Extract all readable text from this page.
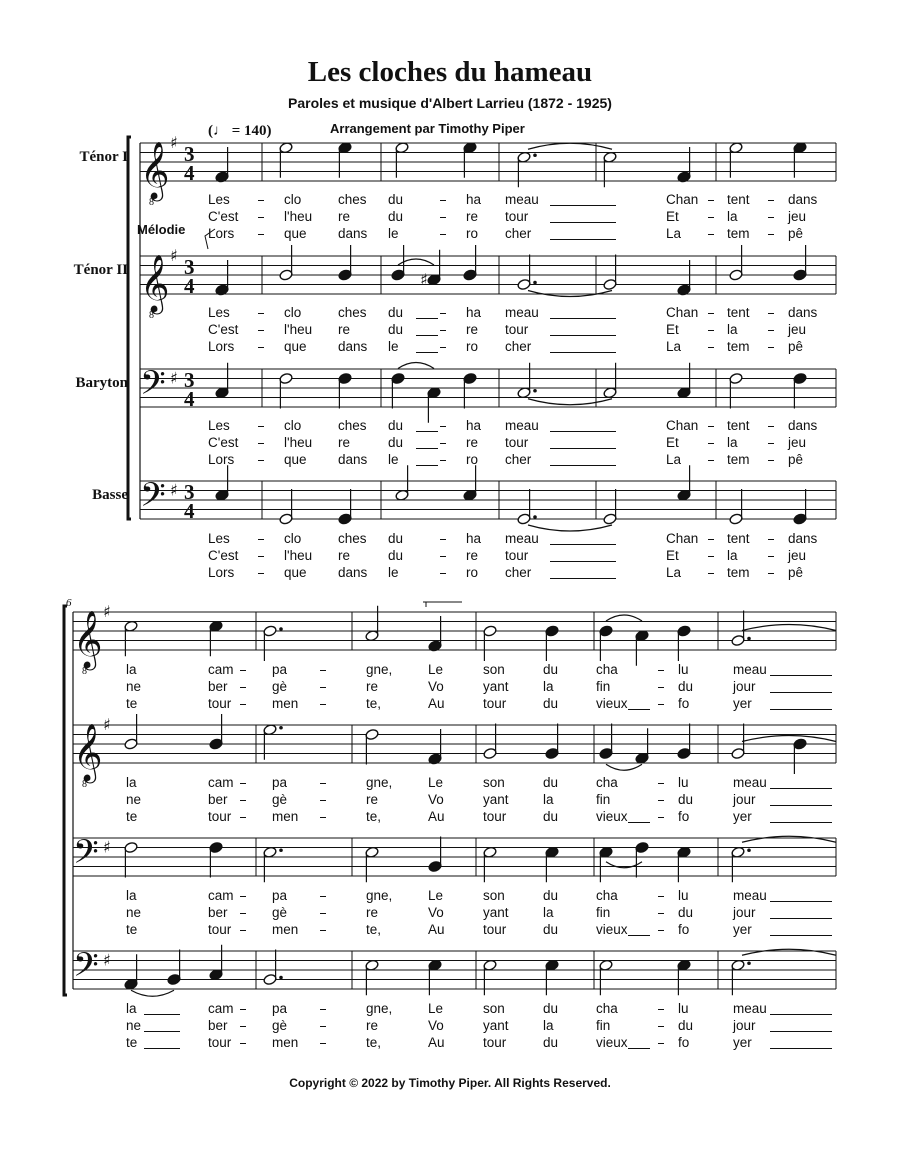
Les cloches du hameau
Paroles et musique d'Albert Larrieu (1872 - 1925)
Arrangement par Timothy Piper
(♩ = 140)
Ténor I
Ténor II
Baryton
Basse
Mélodie
6
𝄞
8
𝄞
8
𝄢
𝄢
♯
♯
♯
♯
3
4
3
4
3
4
3
4
♯
𝄞
8
𝄞
8
𝄢
𝄢
♯
♯
♯
♯
Les	clo	ches du	ha meau	Chan tent	dans
C'est	l'heu re	du	re tour	Et	la	jeu
Lors	que dans le	ro cher	La	tem	pê
Les	clo	ches du	ha meau	Chan tent	dans
C'est	l'heu re	du	re tour	Et	la	jeu
Lors	que dans le	ro cher	La	tem	pê
Les	clo	ches du	ha meau	Chan tent	dans
C'est	l'heu re	du	re tour	Et	la	jeu
Lors	que dans le	ro cher	La	tem	pê
Les	clo	ches du	ha meau	Chan tent	dans
C'est	l'heu re	du	re tour	Et	la	jeu
Lors	que dans le	ro cher	La	tem	pê
la	cam	pa	gne,	Le	son	du	cha	lu	meau
ne	ber	gè	re	Vo	yant	la	fin	du	jour
te	tour	men	te,	Au	tour	du	vieux	fo	yer
la	cam	pa	gne,	Le	son	du	cha	lu	meau
ne	ber	gè	re	Vo	yant	la	fin	du	jour
te	tour	men	te,	Au	tour	du	vieux	fo	yer
la	cam	pa	gne,	Le	son	du	cha	lu	meau
ne	ber	gè	re	Vo	yant	la	fin	du	jour
te	tour	men	te,	Au	tour	du	vieux	fo	yer
la	cam	pa	gne,	Le	son	du	cha	lu	meau
ne	ber	gè	re	Vo	yant	la	fin	du	jour
te	tour	men	te,	Au	tour	du	vieux	fo	yer
Copyright © 2022 by Timothy Piper. All Rights Reserved.
